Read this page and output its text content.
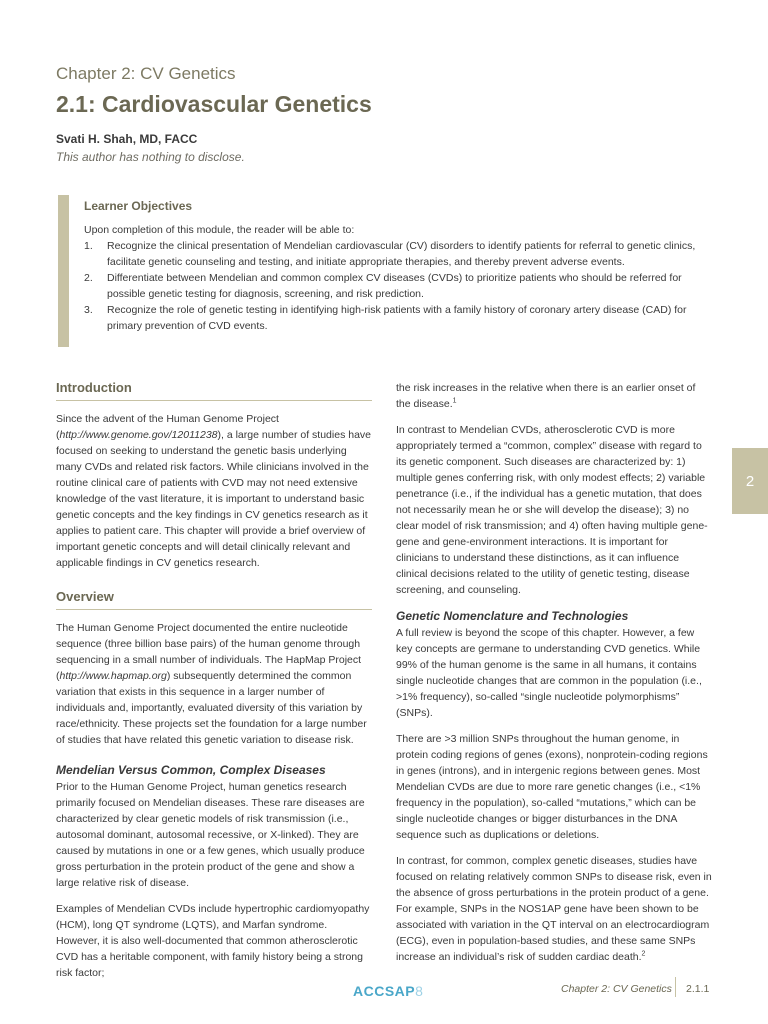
Chapter 2: CV Genetics
2.1: Cardiovascular Genetics
Svati H. Shah, MD, FACC
This author has nothing to disclose.
Learner Objectives
Upon completion of this module, the reader will be able to:
1. Recognize the clinical presentation of Mendelian cardiovascular (CV) disorders to identify patients for referral to genetic clinics, facilitate genetic counseling and testing, and initiate appropriate therapies, and thereby prevent adverse events.
2. Differentiate between Mendelian and common complex CV diseases (CVDs) to prioritize patients who should be referred for possible genetic testing for diagnosis, screening, and risk prediction.
3. Recognize the role of genetic testing in identifying high-risk patients with a family history of coronary artery disease (CAD) for primary prevention of CVD events.
Introduction

Since the advent of the Human Genome Project (http://www.genome.gov/12011238), a large number of studies have focused on seeking to understand the genetic basis underlying many CVDs and related risk factors. While clinicians involved in the routine clinical care of patients with CVD may not need extensive knowledge of the vast literature, it is important to understand basic genetic concepts and the key findings in CV genetics research as it applies to patient care. This chapter will provide a brief overview of important genetic concepts and will detail clinically relevant and applicable findings in CV genetics research.

Overview

The Human Genome Project documented the entire nucleotide sequence (three billion base pairs) of the human genome through sequencing in a small number of individuals. The HapMap Project (http://www.hapmap.org) subsequently determined the common variation that exists in this sequence in a larger number of individuals and, importantly, evaluated diversity of this variation by race/ethnicity. These projects set the foundation for a large number of studies that have related this genetic variation to disease risk.

Mendelian Versus Common, Complex Diseases

Prior to the Human Genome Project, human genetics research primarily focused on Mendelian diseases. These rare diseases are characterized by clear genetic models of risk transmission (i.e., autosomal dominant, autosomal recessive, or X-linked). They are caused by mutations in one or a few genes, which usually produce gross perturbation in the protein product of the gene and show a large relative risk of disease.

Examples of Mendelian CVDs include hypertrophic cardiomyopathy (HCM), long QT syndrome (LQTS), and Marfan syndrome. However, it is also well-documented that common atherosclerotic CVD has a heritable component, with family history being a strong risk factor;

the risk increases in the relative when there is an earlier onset of the disease.$^1$

In contrast to Mendelian CVDs, atherosclerotic CVD is more appropriately termed a “common, complex” disease with regard to its genetic component. Such diseases are characterized by: 1) multiple genes conferring risk, with only modest effects; 2) variable penetrance (i.e., if the individual has a genetic mutation, that does not necessarily mean he or she will develop the disease); 3) no clear model of risk transmission; and 4) often having multiple gene-gene and gene-environment interactions. It is important for clinicians to understand these distinctions, as it can influence clinical decisions related to the utility of genetic testing, disease screening, and counseling.

Genetic Nomenclature and Technologies

A full review is beyond the scope of this chapter. However, a few key concepts are germane to understanding CVD genetics. While 99% of the human genome is the same in all humans, it contains single nucleotide changes that are common in the population (i.e., >1% frequency), so-called “single nucleotide polymorphisms” (SNPs).

There are >3 million SNPs throughout the human genome, in protein coding regions of genes (exons), nonprotein-coding regions in genes (introns), and in intergenic regions between genes. Most Mendelian CVDs are due to more rare genetic changes (i.e., <1% frequency in the population), so-called “mutations,” which can be single nucleotide changes or bigger disturbances in the DNA sequence such as duplications or deletions.

In contrast, for common, complex genetic diseases, studies have focused on relating relatively common SNPs to disease risk, even in the absence of gross perturbations in the protein product of a gene. For example, SNPs in the NOS1AP gene have been shown to be associated with variation in the QT interval on an electrocardiogram (ECG), even in population-based studies, and these same SNPs increase an individual’s risk of sudden cardiac death.$^2$

2
ACCSAP8	Chapter 2: CV Genetics 2.1.1
